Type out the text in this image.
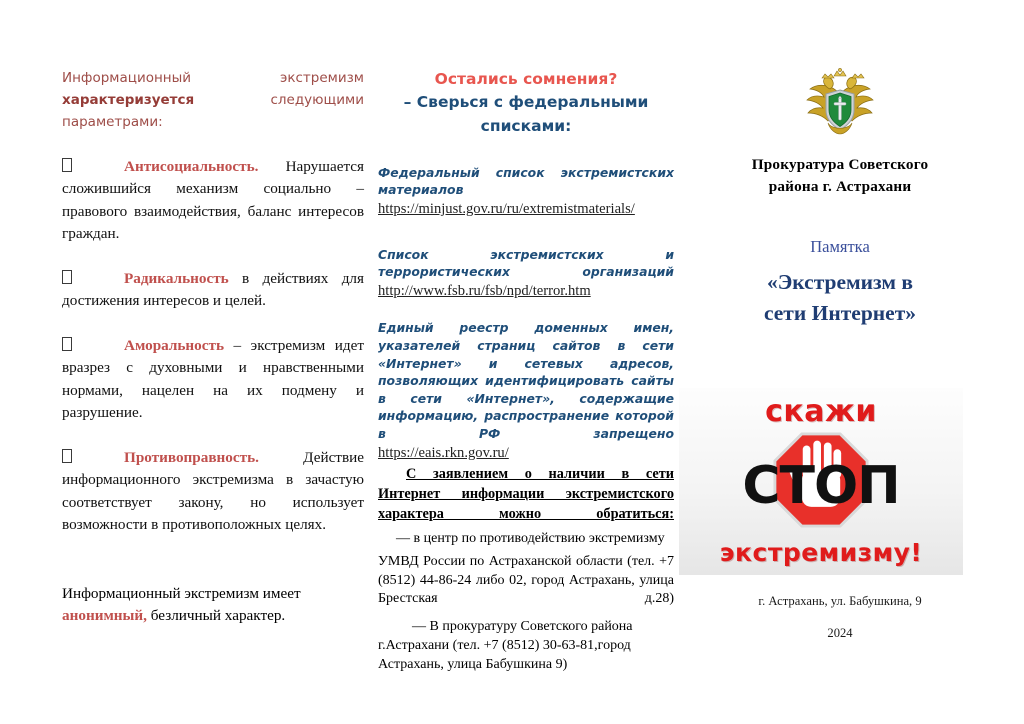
Информационный экстремизм характеризуется следующими
параметрами:
Антисоциальность. Нарушается сложившийся механизм социально – правового взаимодействия, баланс интересов граждан.
Радикальность в действиях для достижения интересов и целей.
Аморальность – экстремизм идет вразрез с духовными и нравственными нормами, нацелен на их подмену и разрушение.
Противоправность. Действие информационного экстремизма в зачастую соответствует закону, но использует возможности в противоположных целях.
Информационный экстремизм имеет анонимный, безличный характер.
Остались сомнения?
– Сверься с федеральными
списками:
Федеральный список экстремистских материалов
https://minjust.gov.ru/ru/extremistmaterials/
Список экстремистских и террористических организаций
http://www.fsb.ru/fsb/npd/terror.htm
Единый реестр доменных имен, указателей страниц сайтов в сети «Интернет» и сетевых адресов, позволяющих идентифицировать сайты в сети «Интернет», содержащие информацию, распространение которой в РФ запрещено
https://eais.rkn.gov.ru/
С заявлением о наличии в сети Интернет информации экстремистского характера можно обратиться:
— в центр по противодействию экстремизму
УМВД России по Астраханской области (тел. +7 (8512) 44-86-24 либо 02, город Астрахань, улица Брестская д.28)
— В прокуратуру Советского района г.Астрахани (тел. +7 (8512) 30-63-81,город Астрахань, улица Бабушкина 9)
Прокуратура Советского
района г. Астрахани
Памятка
«Экстремизм в
сети Интернет»
скажи
СТОП
экстремизму!
г. Астрахань, ул. Бабушкина, 9
2024
